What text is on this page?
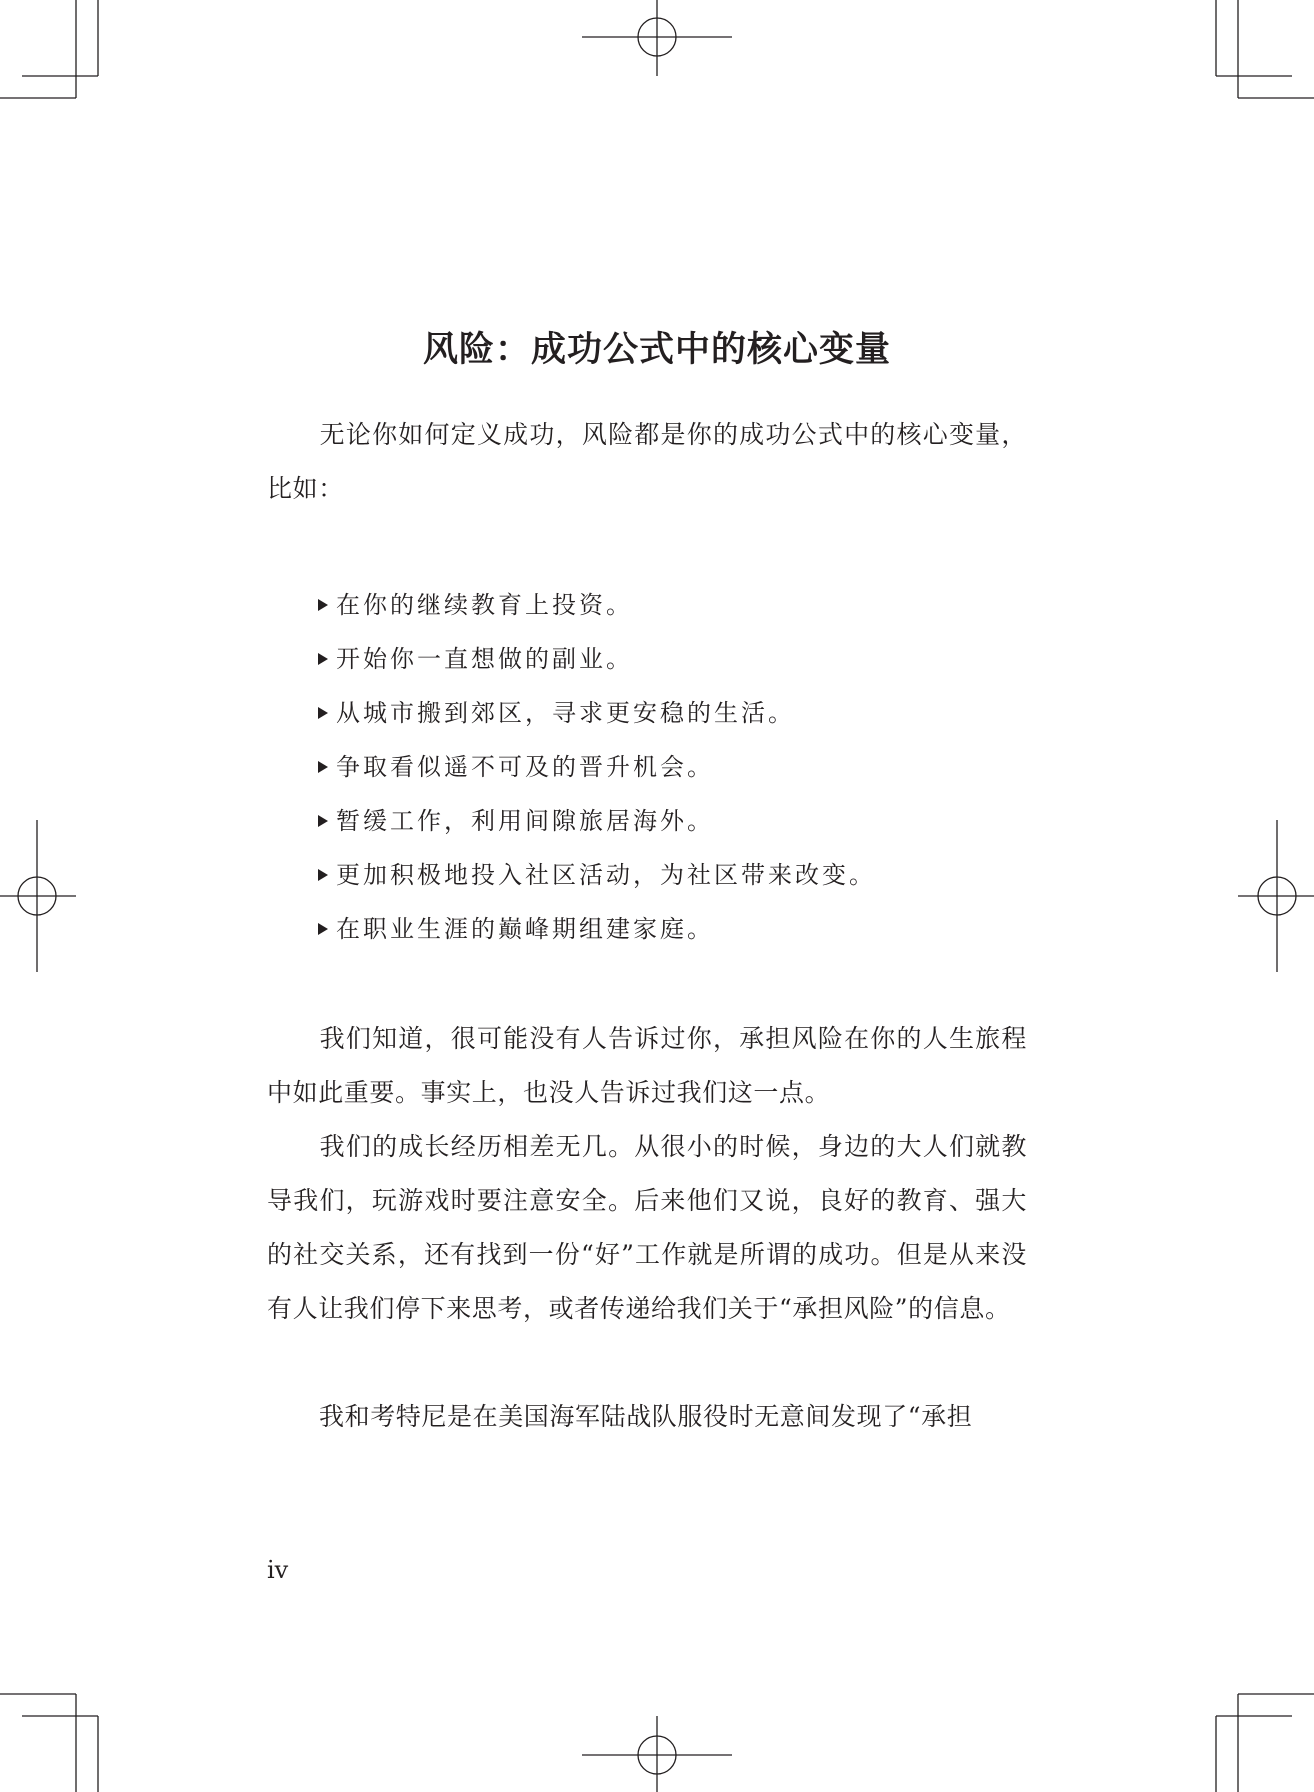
风险：成功公式中的核心变量

无论你如何定义成功，风险都是你的成功公式中的核心变量，比如：

在你的继续教育上投资。
开始你一直想做的副业。
从城市搬到郊区，寻求更安稳的生活。
争取看似遥不可及的晋升机会。
暂缓工作，利用间隙旅居海外。
更加积极地投入社区活动，为社区带来改变。
在职业生涯的巅峰期组建家庭。

我们知道，很可能没有人告诉过你，承担风险在你的人生旅程中如此重要。事实上，也没人告诉过我们这一点。

我们的成长经历相差无几。从很小的时候，身边的大人们就教导我们，玩游戏时要注意安全。后来他们又说，良好的教育、强大的社交关系，还有找到一份“好”工作就是所谓的成功。但是从来没有人让我们停下来思考，或者传递给我们关于“承担风险”的信息。

我和考特尼是在美国海军陆战队服役时无意间发现了“承担

iv
